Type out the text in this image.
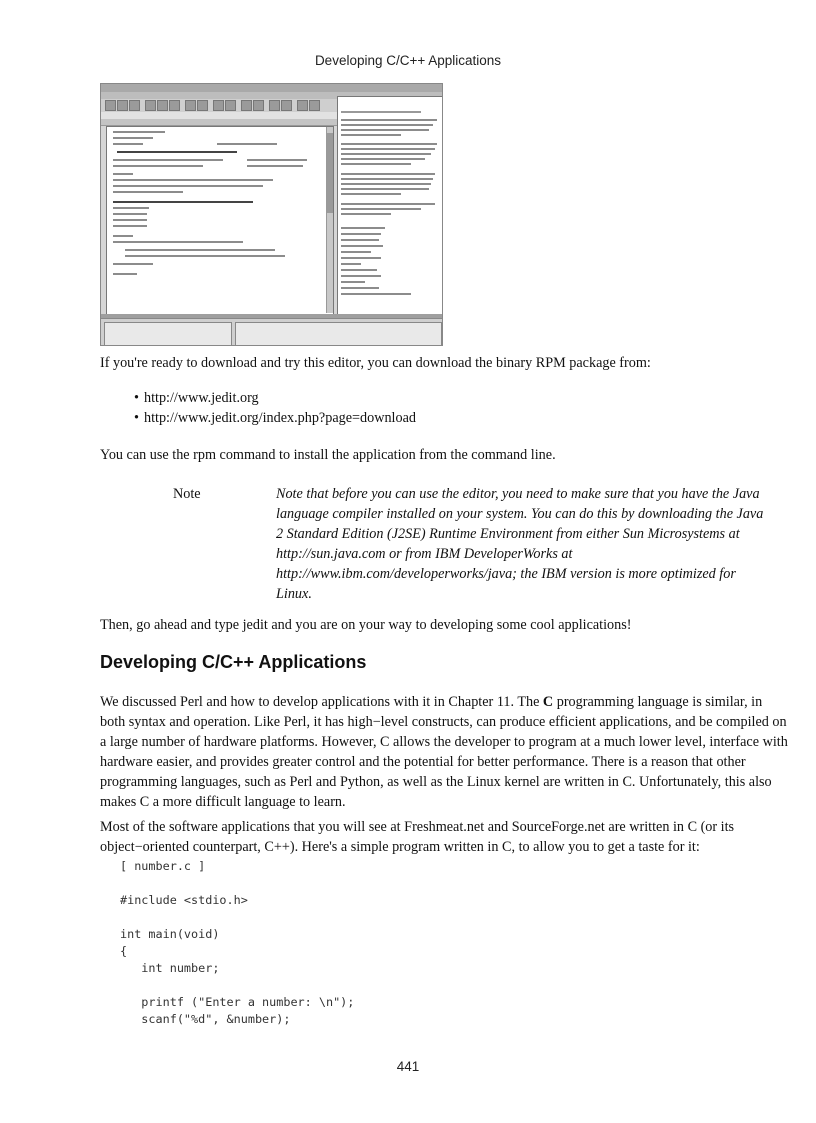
Developing C/C++ Applications

If you're ready to download and try this editor, you can download the binary RPM package from:

• http://www.jedit.org
• http://www.jedit.org/index.php?page=download

You can use the rpm command to install the application from the command line.

Note	Note that before you can use the editor, you need to make sure that you have the Java language compiler installed on your system. You can do this by downloading the Java 2 Standard Edition (J2SE) Runtime Environment from either Sun Microsystems at http://sun.java.com or from IBM DeveloperWorks at http://www.ibm.com/developerworks/java; the IBM version is more optimized for Linux.

Then, go ahead and type jedit and you are on your way to developing some cool applications!

Developing C/C++ Applications

We discussed Perl and how to develop applications with it in Chapter 11. The C programming language is similar, in both syntax and operation. Like Perl, it has high−level constructs, can produce efficient applications, and be compiled on a large number of hardware platforms. However, C allows the developer to program at a much lower level, interface with hardware easier, and provides greater control and the potential for better performance. There is a reason that other programming languages, such as Perl and Python, as well as the Linux kernel are written in C. Unfortunately, this also makes C a more difficult language to learn.

Most of the software applications that you will see at Freshmeat.net and SourceForge.net are written in C (or its object−oriented counterpart, C++). Here's a simple program written in C, to allow you to get a taste for it:

[ number.c ]

#include <stdio.h>

int main(void)

{

int number;

printf ("Enter a number: \n");

scanf("%d", &number);

441
